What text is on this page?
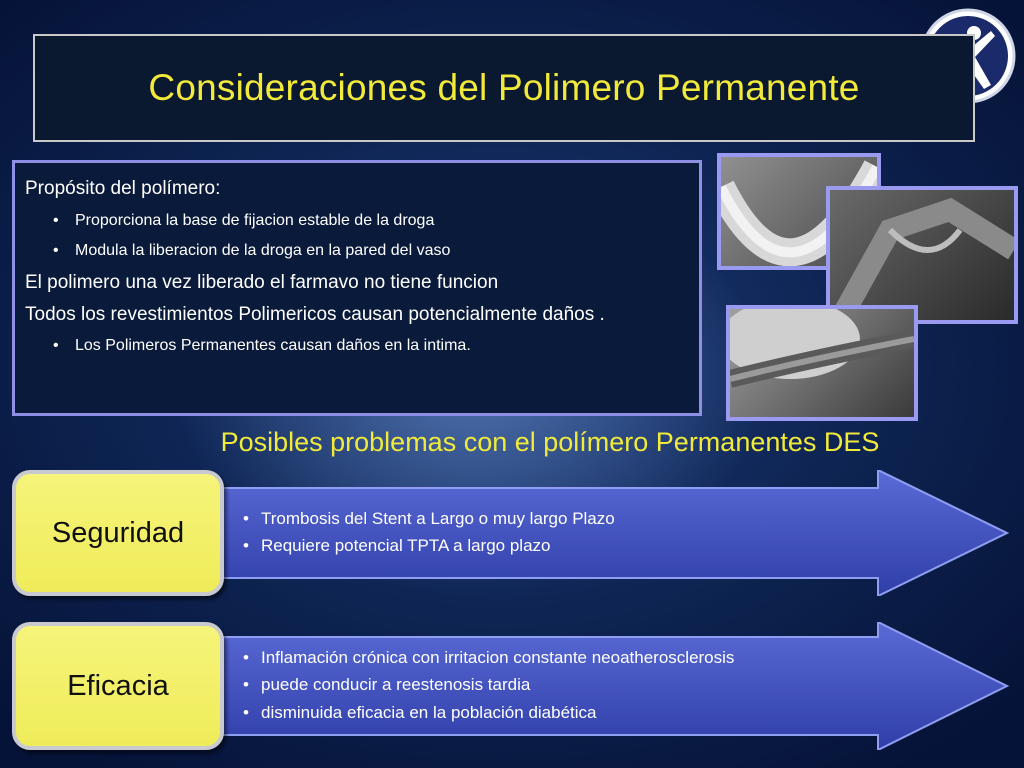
Consideraciones del Polimero Permanente

Propósito del polímero:

• Proporciona la base de fijacion estable de la droga
• Modula la liberacion de la droga en la pared del vaso

El polimero una vez liberado el farmavo no tiene funcion

Todos los revestimientos Polimericos causan potencialmente daños .

• Los Polimeros Permanentes causan daños en la intima.
Posibles problemas con el polímero Permanentes DES
Seguridad
•	Trombosis del Stent a Largo o muy largo Plazo
• Requiere potencial TPTA a largo plazo
Eficacia
• Inflamación crónica con irritacion constante neoatherosclerosis
• puede conducir a reestenosis tardia
• disminuida eficacia en la población diabética
